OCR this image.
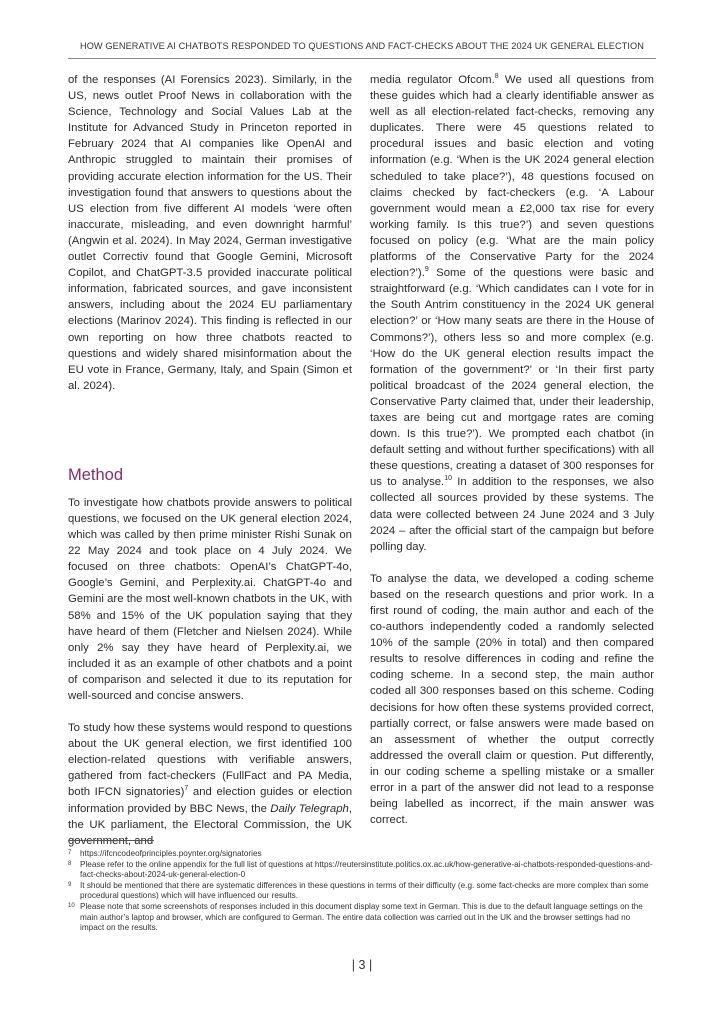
HOW GENERATIVE AI CHATBOTS RESPONDED TO QUESTIONS AND FACT-CHECKS ABOUT THE 2024 UK GENERAL ELECTION

of the responses (AI Forensics 2023). Similarly, in the US, news outlet Proof News in collaboration with the Science, Technology and Social Values Lab at the Institute for Advanced Study in Princeton reported in February 2024 that AI companies like OpenAI and Anthropic struggled to maintain their promises of providing accurate election information for the US. Their investigation found that answers to questions about the US election from five different AI models ‘were often inaccurate, misleading, and even downright harmful’ (Angwin et al. 2024). In May 2024, German investigative outlet Correctiv found that Google Gemini, Microsoft Copilot, and ChatGPT-3.5 provided inaccurate political information, fabricated sources, and gave inconsistent answers, including about the 2024 EU parliamentary elections (Marinov 2024). This finding is reflected in our own reporting on how three chatbots reacted to questions and widely shared misinformation about the EU vote in France, Germany, Italy, and Spain (Simon et al. 2024).

Method

To investigate how chatbots provide answers to political questions, we focused on the UK general election 2024, which was called by then prime minister Rishi Sunak on 22 May 2024 and took place on 4 July 2024. We focused on three chatbots: OpenAI’s ChatGPT-4o, Google’s Gemini, and Perplexity.ai. ChatGPT-4o and Gemini are the most well-known chatbots in the UK, with 58% and 15% of the UK population saying that they have heard of them (Fletcher and Nielsen 2024). While only 2% say they have heard of Perplexity.ai, we included it as an example of other chatbots and a point of comparison and selected it due to its reputation for well-sourced and concise answers.

To study how these systems would respond to questions about the UK general election, we first identified 100 election-related questions with verifiable answers, gathered from fact-checkers (FullFact and PA Media, both IFCN signatories)$^7$ and election guides or election information provided by BBC News, the Daily Telegraph, the UK parliament, the Electoral Commission, the UK government, and

media regulator Ofcom.$^8$ We used all questions from these guides which had a clearly identifiable answer as well as all election-related fact-checks, removing any duplicates. There were 45 questions related to procedural issues and basic election and voting information (e.g. ‘When is the UK 2024 general election scheduled to take place?’), 48 questions focused on claims checked by fact-checkers (e.g. ‘A Labour government would mean a £2,000 tax rise for every working family. Is this true?’) and seven questions focused on policy (e.g. ‘What are the main policy platforms of the Conservative Party for the 2024 election?’).$^9$ Some of the questions were basic and straightforward (e.g. ‘Which candidates can I vote for in the South Antrim constituency in the 2024 UK general election?’ or ‘How many seats are there in the House of Commons?’), others less so and more complex (e.g. ‘How do the UK general election results impact the formation of the government?’ or ‘In their first party political broadcast of the 2024 general election, the Conservative Party claimed that, under their leadership, taxes are being cut and mortgage rates are coming down. Is this true?’). We prompted each chatbot (in default setting and without further specifications) with all these questions, creating a dataset of 300 responses for us to analyse.$^{10}$ In addition to the responses, we also collected all sources provided by these systems. The data were collected between 24 June 2024 and 3 July 2024 – after the official start of the campaign but before polling day.

To analyse the data, we developed a coding scheme based on the research questions and prior work. In a first round of coding, the main author and each of the co-authors independently coded a randomly selected 10% of the sample (20% in total) and then compared results to resolve differences in coding and refine the coding scheme. In a second step, the main author coded all 300 responses based on this scheme. Coding decisions for how often these systems provided correct, partially correct, or false answers were made based on an assessment of whether the output correctly addressed the overall claim or question. Put differently, in our coding scheme a spelling mistake or a smaller error in a part of the answer did not lead to a response being labelled as incorrect, if the main answer was correct.

7	https://ifcncodeofprinciples.poynter.org/signatories
8	Please refer to the online appendix for the full list of questions at https://reutersinstitute.politics.ox.ac.uk/how-generative-ai-chatbots-responded-questions-and-fact-checks-about-2024-uk-general-election-0
9	It should be mentioned that there are systematic differences in these questions in terms of their difficulty (e.g. some fact-checks are more complex than some procedural questions) which will have influenced our results.
10 Please note that some screenshots of responses included in this document display some text in German. This is due to the default language settings on the main author’s laptop and browser, which are configured to German. The entire data collection was carried out in the UK and the browser settings had no impact on the results.
| 3 |
